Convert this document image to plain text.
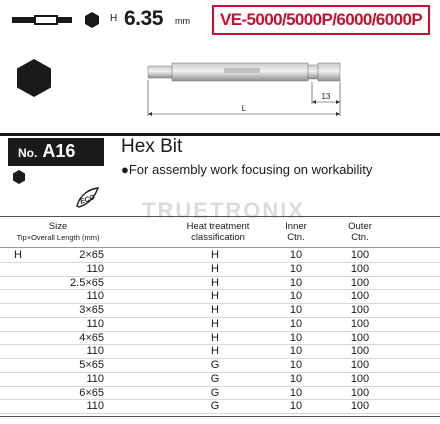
H 6.35 mm VE-5000/5000P/6000/6000P
13
L
No. A16
ECO
Hex Bit
●For assembly work focusing on workability
TRUETRONIX
Size
Tip×Overall Length (mm)
Heat treatment classification
Inner Ctn.
Outer Ctn.
H	2×65	H	10	100
110	H	10	100
2.5×65	H	10	100
110	H	10	100
3×65	H	10	100
110	H	10	100
4×65	H	10	100
110	H	10	100
5×65	G	10	100
110	G	10	100
6×65	G	10	100
110	G	10	100
